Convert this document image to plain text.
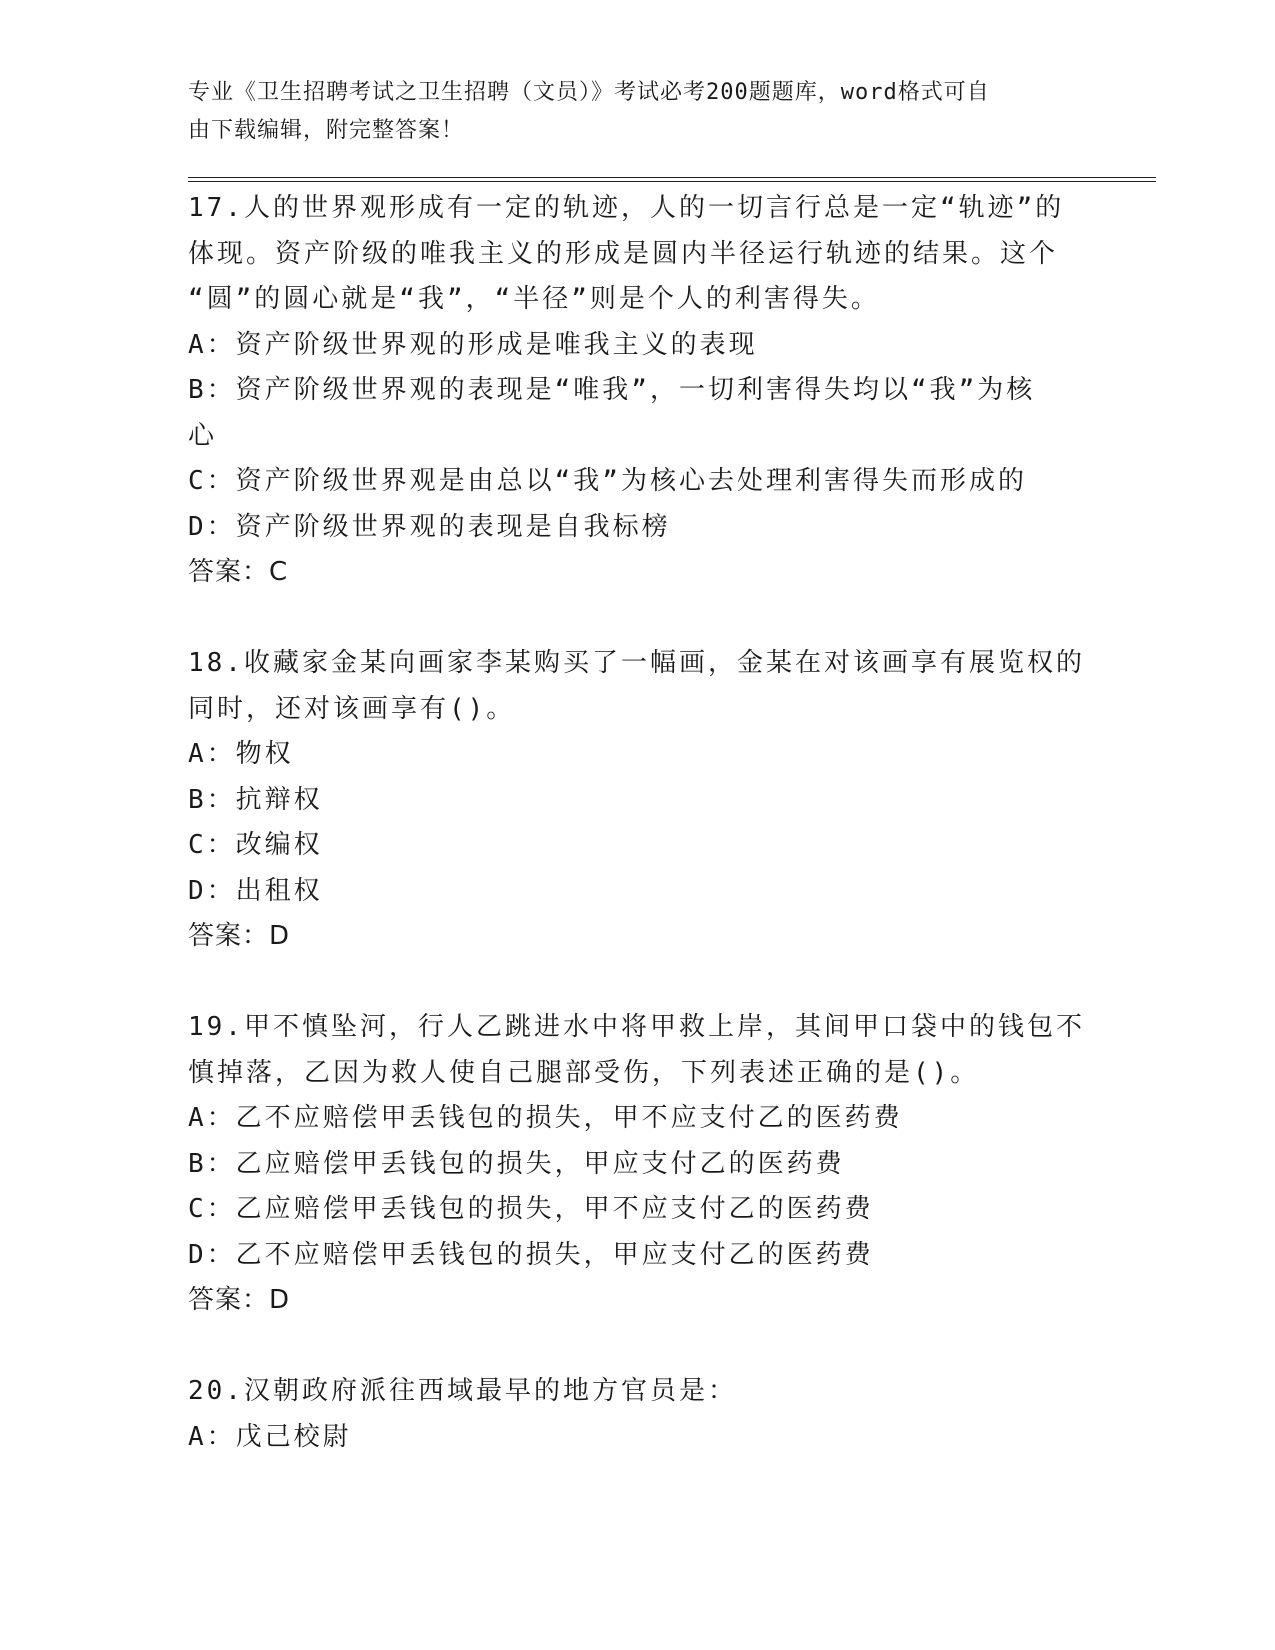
专业《卫生招聘考试之卫生招聘（文员）》考试必考200题题库，word格式可自
由下载编辑，附完整答案！
17.人的世界观形成有一定的轨迹，人的一切言行总是一定“轨迹”的
体现。资产阶级的唯我主义的形成是圆内半径运行轨迹的结果。这个
“圆”的圆心就是“我”，“半径”则是个人的利害得失。
A：资产阶级世界观的形成是唯我主义的表现
B：资产阶级世界观的表现是“唯我”，一切利害得失均以“我”为核
心
C：资产阶级世界观是由总以“我”为核心去处理利害得失而形成的
D：资产阶级世界观的表现是自我标榜
答案：C
18.收藏家金某向画家李某购买了一幅画，金某在对该画享有展览权的
同时，还对该画享有()。
A：物权
B：抗辩权
C：改编权
D：出租权
答案：D
19.甲不慎坠河，行人乙跳进水中将甲救上岸，其间甲口袋中的钱包不
慎掉落，乙因为救人使自己腿部受伤，下列表述正确的是()。
A：乙不应赔偿甲丢钱包的损失，甲不应支付乙的医药费
B：乙应赔偿甲丢钱包的损失，甲应支付乙的医药费
C：乙应赔偿甲丢钱包的损失，甲不应支付乙的医药费
D：乙不应赔偿甲丢钱包的损失，甲应支付乙的医药费
答案：D
20.汉朝政府派往西域最早的地方官员是：
A：戊己校尉
